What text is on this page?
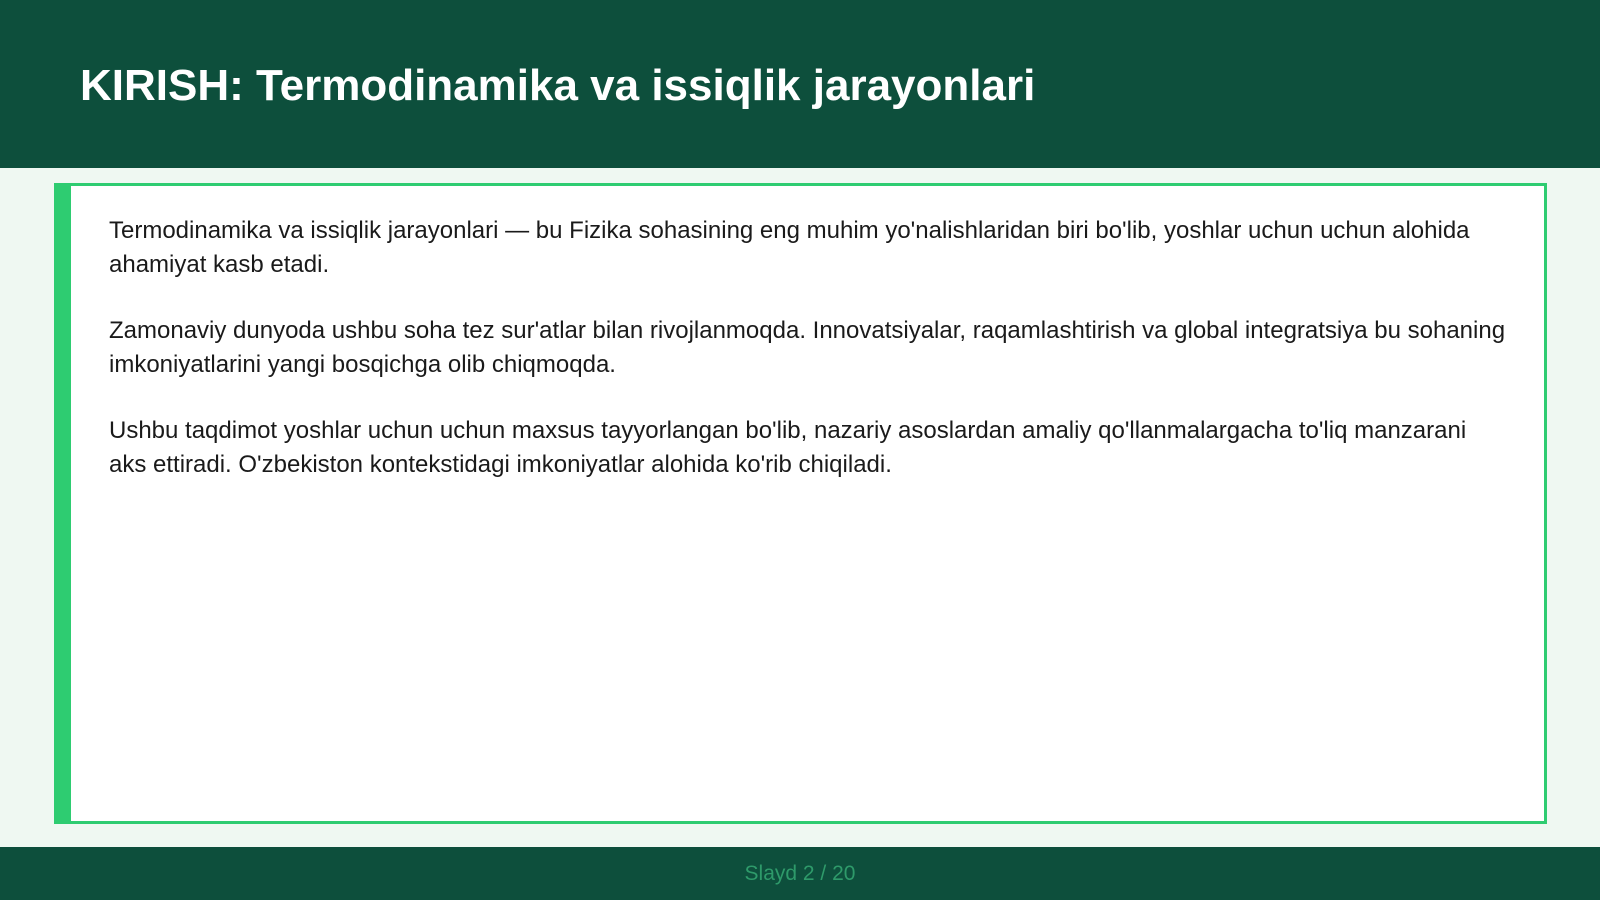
KIRISH: Termodinamika va issiqlik jarayonlari

Termodinamika va issiqlik jarayonlari — bu Fizika sohasining eng muhim yo'nalishlaridan biri bo'lib, yoshlar uchun uchun alohida ahamiyat kasb etadi.

Zamonaviy dunyoda ushbu soha tez sur'atlar bilan rivojlanmoqda. Innovatsiyalar, raqamlashtirish va global integratsiya bu sohaning imkoniyatlarini yangi bosqichga olib chiqmoqda.

Ushbu taqdimot yoshlar uchun uchun maxsus tayyorlangan bo'lib, nazariy asoslardan amaliy qo'llanmalargacha to'liq manzarani aks ettiradi. O'zbekiston kontekstidagi imkoniyatlar alohida ko'rib chiqiladi.

Slayd 2 / 20
